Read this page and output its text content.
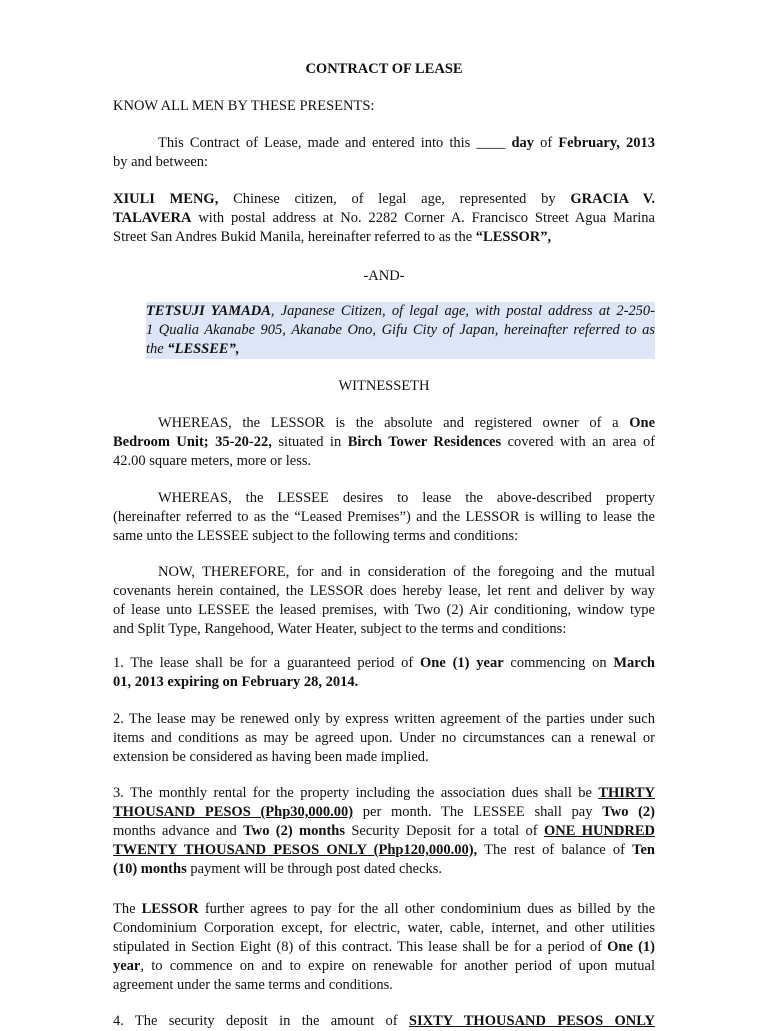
CONTRACT OF LEASE

KNOW ALL MEN BY THESE PRESENTS:

This Contract of Lease, made and entered into this ____ day of February, 2013
by and between:
XIULI MENG, Chinese citizen, of legal age, represented by GRACIA V.
TALAVERA with postal address at No. 2282 Corner A. Francisco Street Agua Marina
Street San Andres Bukid Manila, hereinafter referred to as the “LESSOR”,

-AND-

TETSUJI YAMADA, Japanese Citizen, of legal age, with postal address at 2-250-
1 Qualia Akanabe 905, Akanabe Ono, Gifu City of Japan, hereinafter referred to as
the “LESSEE”,

WITNESSETH

WHEREAS, the LESSOR is the absolute and registered owner of a One
Bedroom Unit; 35-20-22, situated in Birch Tower Residences covered with an area of
42.00 square meters, more or less.
WHEREAS, the LESSEE desires to lease the above-described property
(hereinafter referred to as the “Leased Premises”) and the LESSOR is willing to lease the
same unto the LESSEE subject to the following terms and conditions:
NOW, THEREFORE, for and in consideration of the foregoing and the mutual
covenants herein contained, the LESSOR does hereby lease, let rent and deliver by way
of lease unto LESSEE the leased premises, with Two (2) Air conditioning, window type
and Split Type, Rangehood, Water Heater, subject to the terms and conditions:
1. The lease shall be for a guaranteed period of One (1) year commencing on March
01, 2013 expiring on February 28, 2014.
2. The lease may be renewed only by express written agreement of the parties under such
items and conditions as may be agreed upon. Under no circumstances can a renewal or
extension be considered as having been made implied.
3. The monthly rental for the property including the association dues shall be THIRTY
THOUSAND PESOS (Php30,000.00) per month. The LESSEE shall pay Two (2)
months advance and Two (2) months Security Deposit for a total of ONE HUNDRED
TWENTY THOUSAND PESOS ONLY (Php120,000.00), The rest of balance of Ten
(10) months payment will be through post dated checks.
The LESSOR further agrees to pay for the all other condominium dues as billed by the
Condominium Corporation except, for electric, water, cable, internet, and other utilities
stipulated in Section Eight (8) of this contract. This lease shall be for a period of One (1)
year, to commence on and to expire on renewable for another period of upon mutual
agreement under the same terms and conditions.
4. The security deposit in the amount of SIXTY THOUSAND PESOS ONLY
